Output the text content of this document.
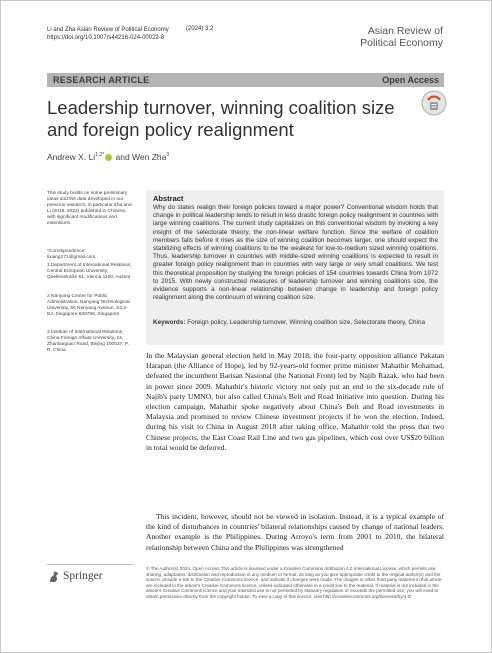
Li and Zha Asian Review of Political Economy
https://doi.org/10.1007/s44216-024-00022-8
(2024) 3:2	Asian Review of
Political Economy
RESEARCH ARTICLE	Open Access
Leadership turnover, winning coalition size
and foreign policy realignment
Andrew X. $Li^{1,2*}$ and Wen Zha$^3$
This study builds on some preliminary ideas and the data developed in our previous research, in particular Zha and Li (2018, 2022) published in Chinese, with significant modifications and extensions.
*Correspondence:
lixiang171@gmail.com
1 Department of International Relations, Central European University, Quellenstraße 51, Vienna 1100, Austria
2 Nanyang Centre for Public Administration, Nanyang Technological University, 50 Nanyang Avenue, S3.2-B4, Singapore 639798, Singapore
3 Institute of International Relations, China Foreign Affairs University, 24, Zhanlanguan Road, Beijing 100037, P. R. China
Abstract
Why do states realign their foreign policies toward a major power? Conventional wisdom holds that change in political leadership tends to result in less drastic foreign policy realignment in countries with large winning coalitions. The current study capitalizes on this conventional wisdom by invoking a key insight of the selectorate theory, the non-linear welfare function. Since the welfare of coalition members falls before it rises as the size of winning coalition becomes larger, one should expect the stabilizing effects of winning coalitions to be the weakest for low-to-medium sized winning coalitions. Thus, leadership turnover in countries with middle-sized winning coalitions is expected to result in greater foreign policy realignment than in countries with very large or very small coalitions. We test this theoretical proposition by studying the foreign policies of 154 countries towards China from 1972 to 2015. With newly constructed measures of leadership turnover and winning coalitions size, the evidence supports a non-linear relationship between change in leadership and foreign policy realignment along the continuum of winning coalition size.
Keywords: Foreign policy, Leadership turnover, Winning coalition size, Selectorate theory, China
In the Malaysian general election held in May 2018, the four-party opposition alliance Pakatan Harapan (the Alliance of Hope), led by 92-years-old former prime minister Mahathir Mohamad, defeated the incumbent Barisan Nasional (the National Front) led by Najib Razak, who had been in power since 2009. Mahathir's historic victory not only put an end to the six-decade rule of Najib's party UMNO, but also called China's Belt and Road Initiative into question. During his election campaign, Mahathir spoke negatively about China's Belt and Road investments in Malaysia and promised to review Chinese investment projects if he won the election. Indeed, during his visit to China in August 2018 after taking office, Mahathir told the press that two Chinese projects, the East Coast Rail Line and two gas pipelines, which cost over US$20 billion in total would be deferred.
This incident, however, should not be viewed in isolation. Instead, it is a typical example of the kind of disturbances in countries' bilateral relationships caused by change of national leaders. Another example is the Philippines. During Arroyo's term from 2001 to 2010, the bilateral relationship between China and the Philippines was strengthened
Springer
© The Author(s) 2024. Open Access This article is licensed under a Creative Commons Attribution 4.0 International License, which permits use, sharing, adaptation, distribution and reproduction in any medium or format, as long as you give appropriate credit to the original author(s) and the source, provide a link to the Creative Commons licence, and indicate if changes were made. The images or other third party material in this article are included in the article's Creative Commons licence, unless indicated otherwise in a credit line to the material. If material is not included in the article's Creative Commons licence and your intended use is not permitted by statutory regulation or exceeds the permitted use, you will need to obtain permission directly from the copyright holder. To view a copy of this licence, visit http://creativecommons.org/licenses/by/4.0/.
